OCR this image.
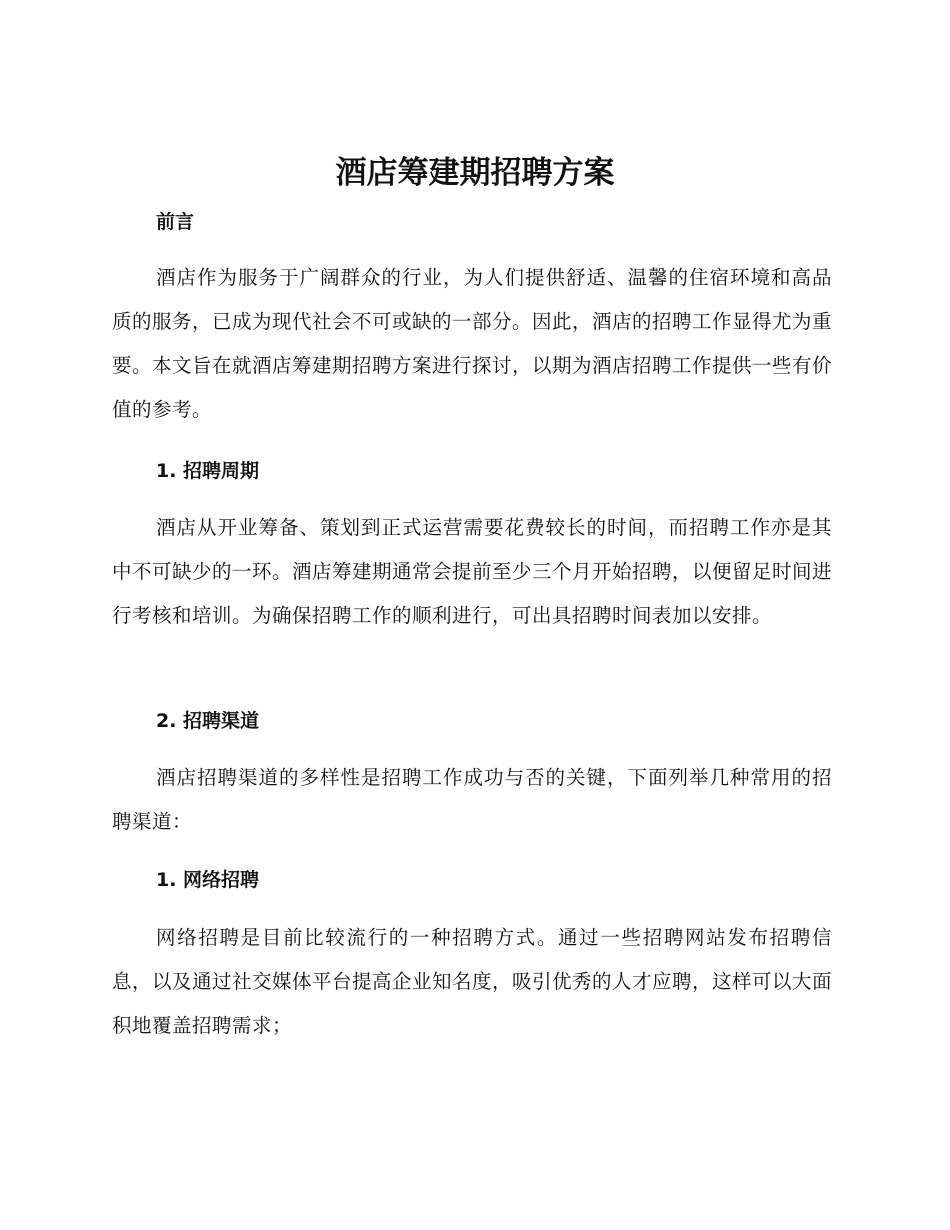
酒店筹建期招聘方案
前言

酒店作为服务于广阔群众的行业，为人们提供舒适、温馨的住宿环境和高品质的服务，已成为现代社会不可或缺的一部分。因此，酒店的招聘工作显得尤为重要。本文旨在就酒店筹建期招聘方案进行探讨，以期为酒店招聘工作提供一些有价值的参考。

1. 招聘周期

酒店从开业筹备、策划到正式运营需要花费较长的时间，而招聘工作亦是其中不可缺少的一环。酒店筹建期通常会提前至少三个月开始招聘，以便留足时间进行考核和培训。为确保招聘工作的顺利进行，可出具招聘时间表加以安排。

2. 招聘渠道

酒店招聘渠道的多样性是招聘工作成功与否的关键，下面列举几种常用的招聘渠道：

1. 网络招聘

网络招聘是目前比较流行的一种招聘方式。通过一些招聘网站发布招聘信息，以及通过社交媒体平台提高企业知名度，吸引优秀的人才应聘，这样可以大面积地覆盖招聘需求；
